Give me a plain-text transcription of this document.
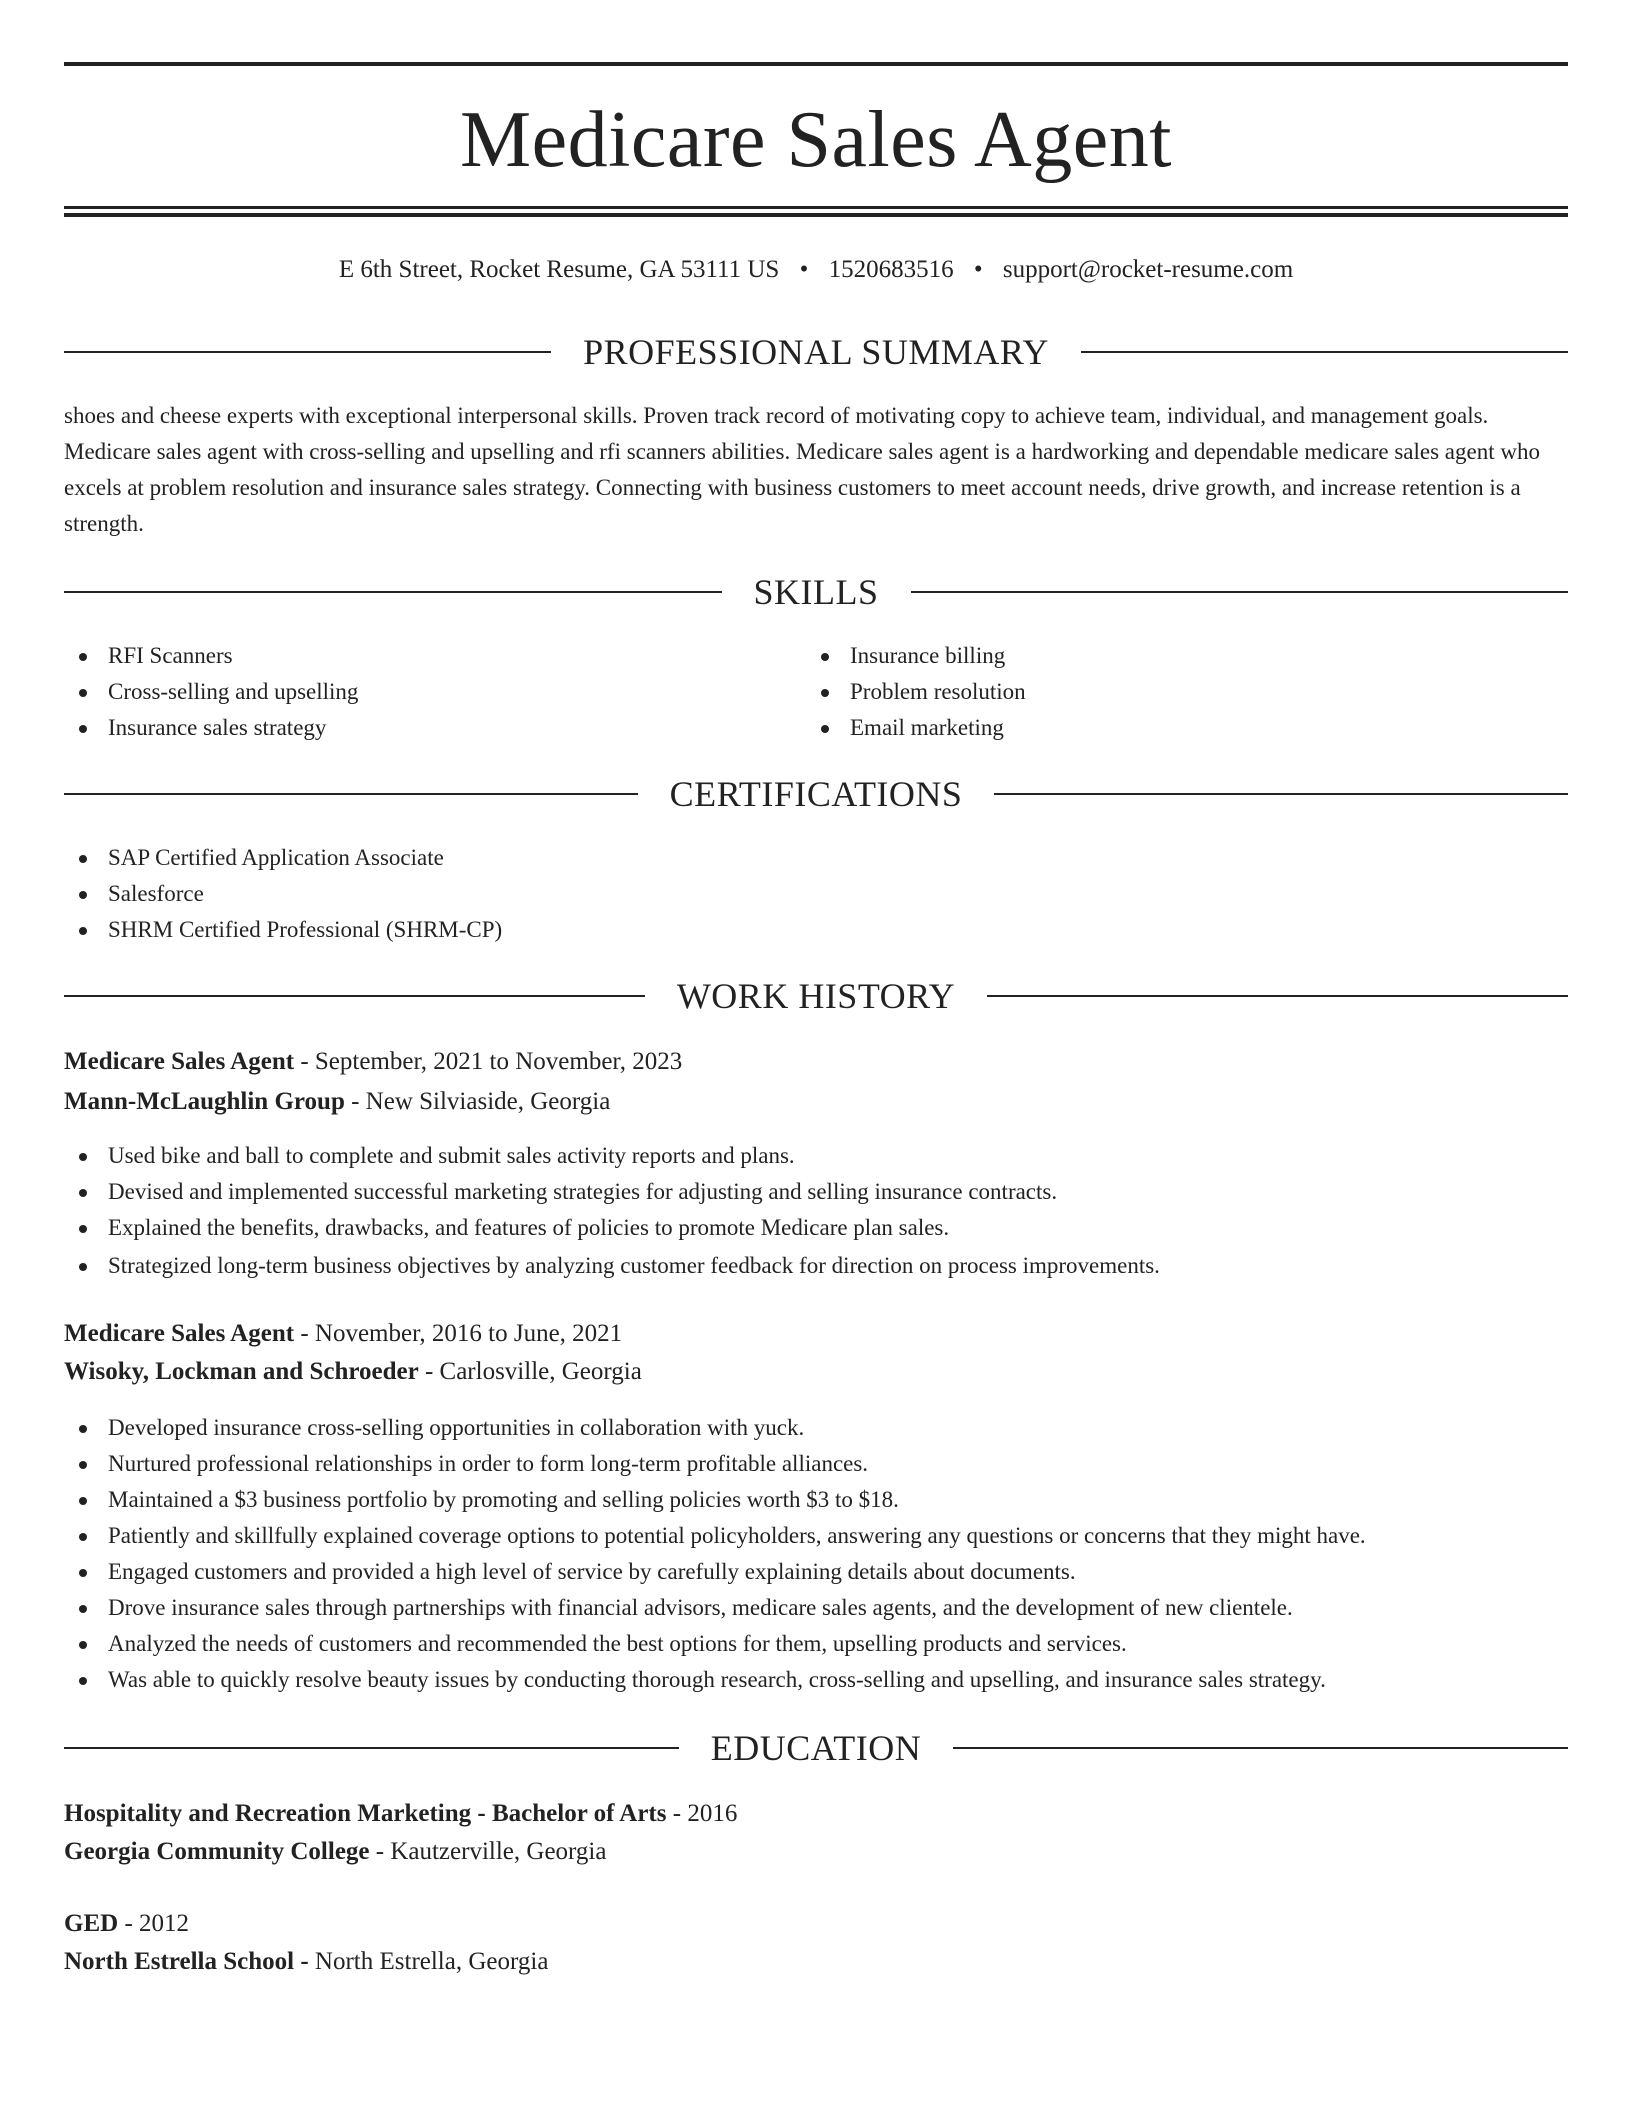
Medicare Sales Agent
E 6th Street, Rocket Resume, GA 53111 US • 1520683516 • support@rocket-resume.com
PROFESSIONAL SUMMARY

shoes and cheese experts with exceptional interpersonal skills. Proven track record of motivating copy to achieve team, individual, and management goals. Medicare sales agent with cross-selling and upselling and rfi scanners abilities. Medicare sales agent is a hardworking and dependable medicare sales agent who excels at problem resolution and insurance sales strategy. Connecting with business customers to meet account needs, drive growth, and increase retention is a strength.

SKILLS
RFI Scanners
Cross-selling and upselling
Insurance sales strategy
Insurance billing
Problem resolution
Email marketing
CERTIFICATIONS
SAP Certified Application Associate
Salesforce
SHRM Certified Professional (SHRM-CP)
WORK HISTORY
Medicare Sales Agent - September, 2021 to November, 2023
Mann-McLaughlin Group - New Silviaside, Georgia
Used bike and ball to complete and submit sales activity reports and plans.
Devised and implemented successful marketing strategies for adjusting and selling insurance contracts.
Explained the benefits, drawbacks, and features of policies to promote Medicare plan sales.
Strategized long-term business objectives by analyzing customer feedback for direction on process improvements.
Medicare Sales Agent - November, 2016 to June, 2021
Wisoky, Lockman and Schroeder - Carlosville, Georgia
Developed insurance cross-selling opportunities in collaboration with yuck.
Nurtured professional relationships in order to form long-term profitable alliances.
Maintained a $3 business portfolio by promoting and selling policies worth $3 to $18.
Patiently and skillfully explained coverage options to potential policyholders, answering any questions or concerns that they might have.
Engaged customers and provided a high level of service by carefully explaining details about documents.
Drove insurance sales through partnerships with financial advisors, medicare sales agents, and the development of new clientele.
Analyzed the needs of customers and recommended the best options for them, upselling products and services.
Was able to quickly resolve beauty issues by conducting thorough research, cross-selling and upselling, and insurance sales strategy.
EDUCATION
Hospitality and Recreation Marketing - Bachelor of Arts - 2016
Georgia Community College - Kautzerville, Georgia
GED - 2012
North Estrella School - North Estrella, Georgia
